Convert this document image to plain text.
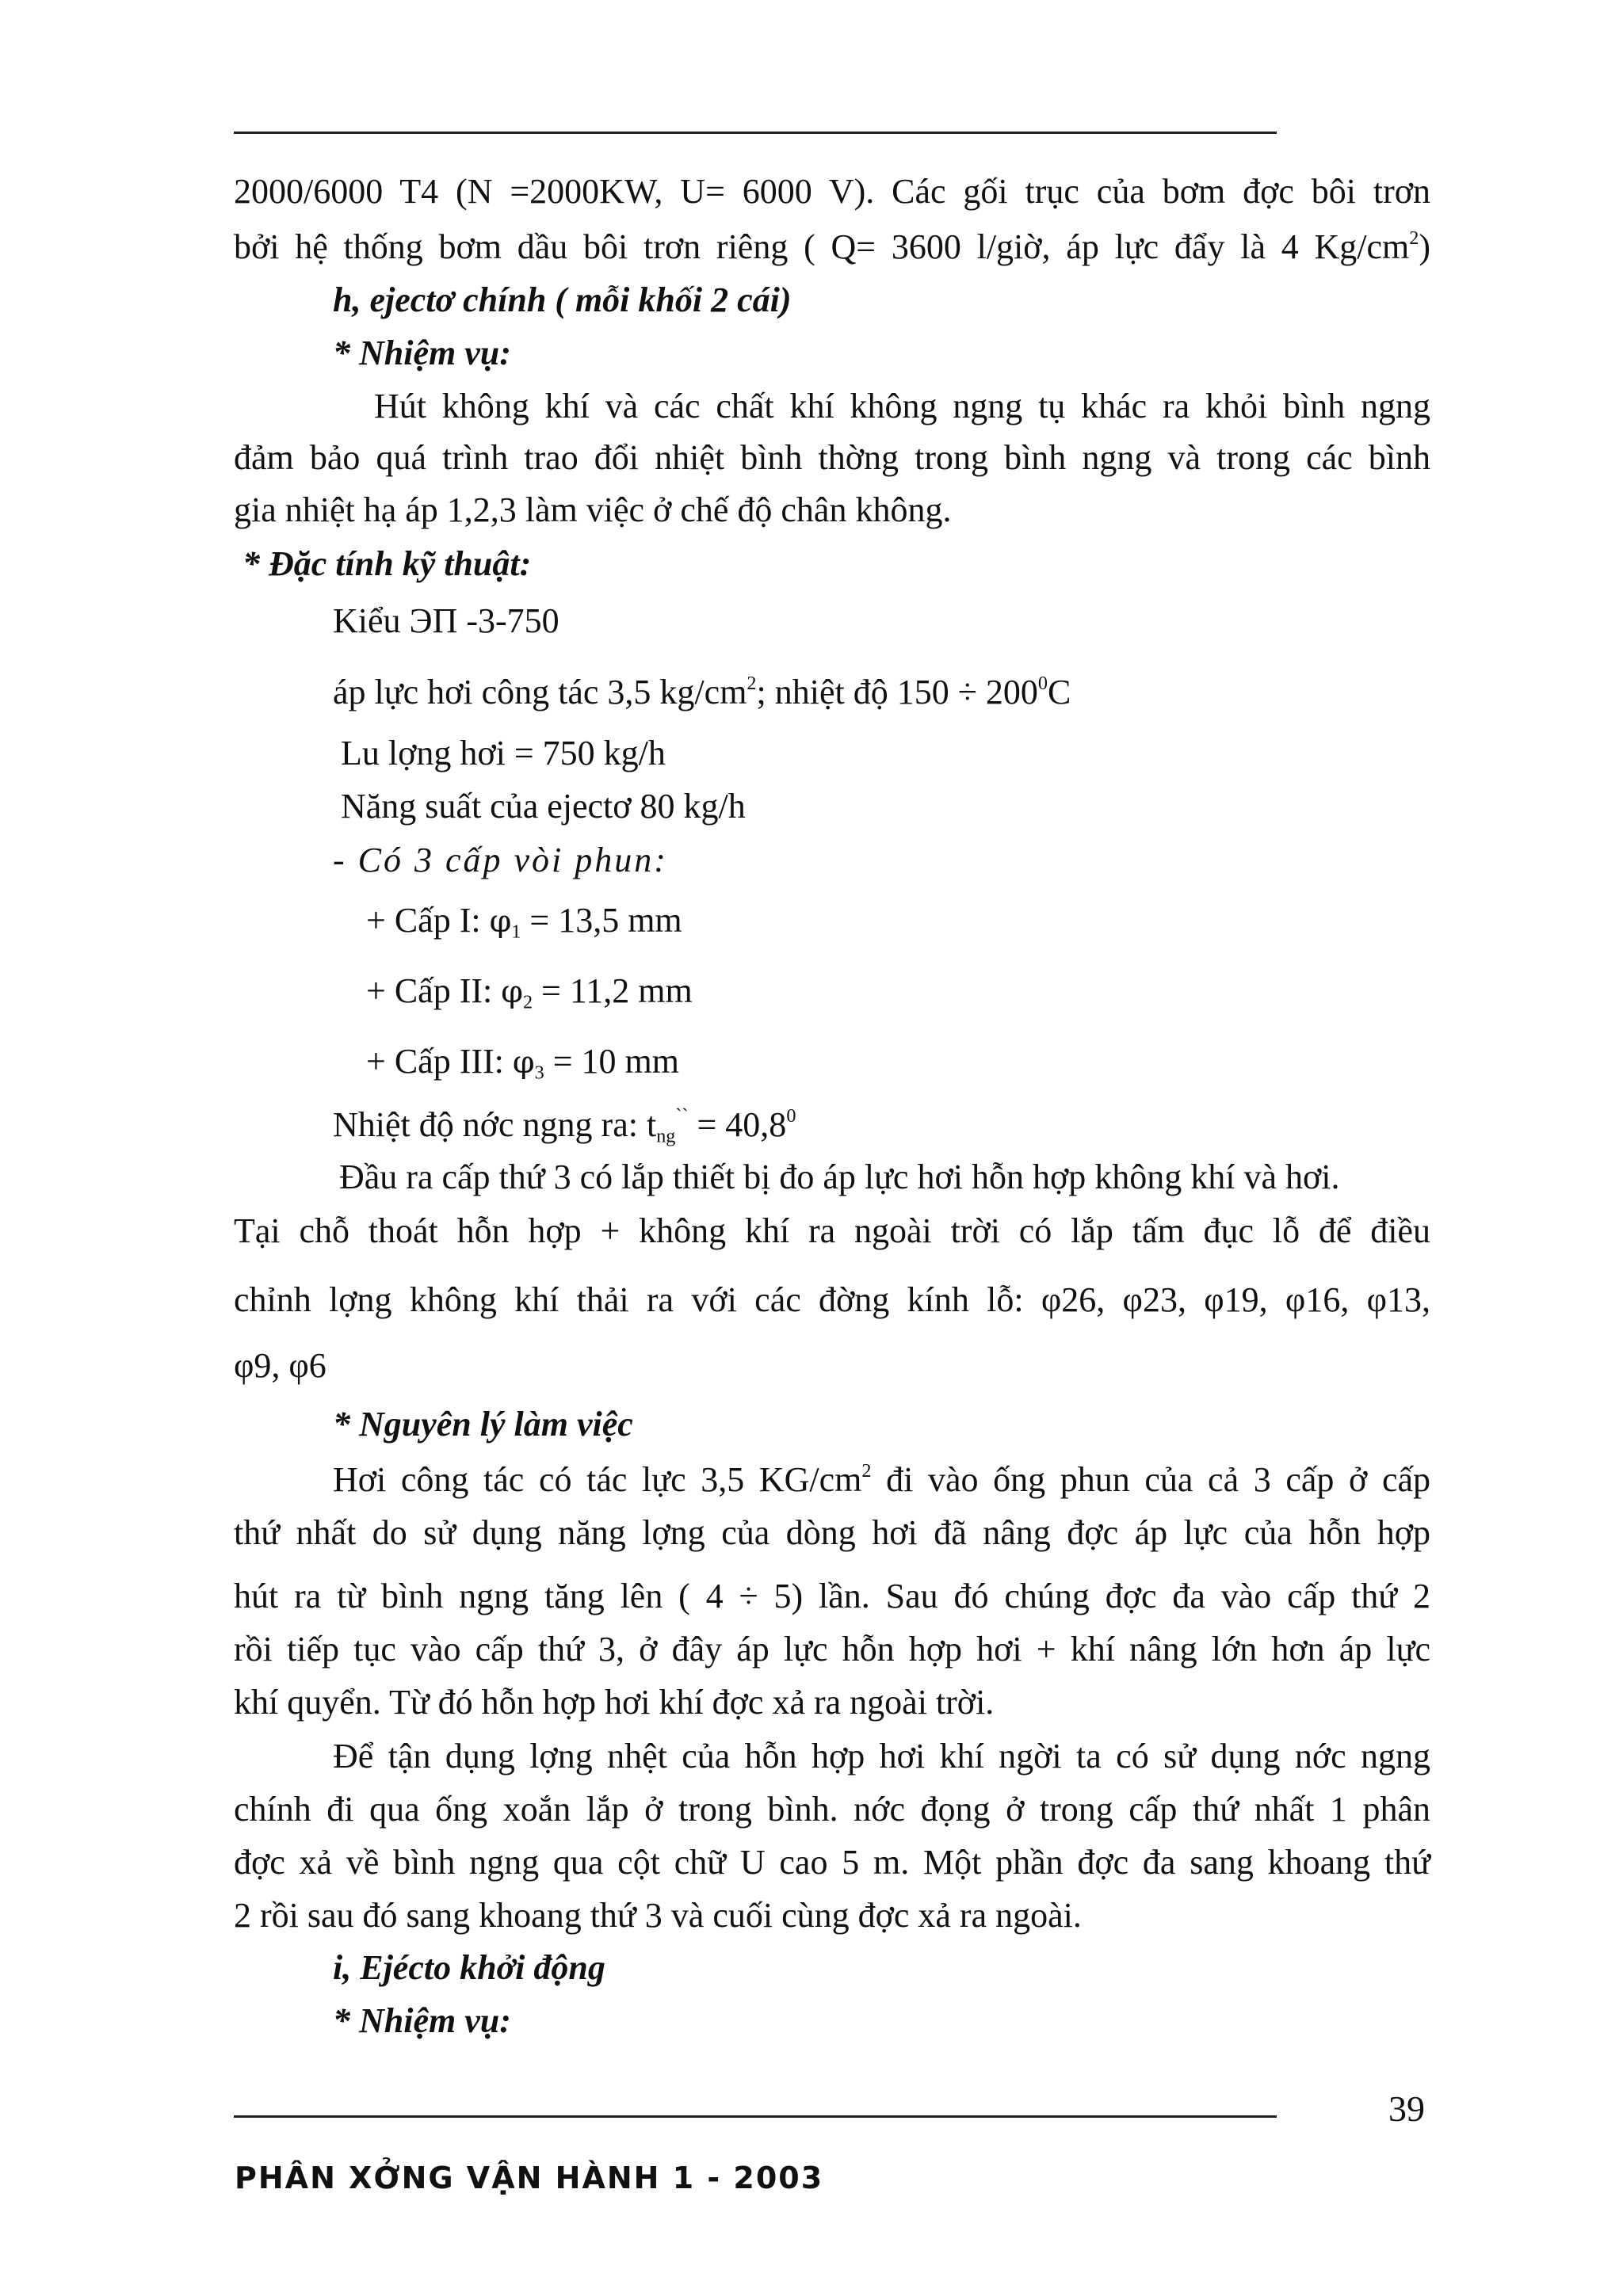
2000/6000 T4 (N =2000KW, U= 6000 V). Các gối trục của bơm đợc bôi trơn
bởi hệ thống bơm dầu bôi trơn riêng ( Q= 3600 l/giờ, áp lực đẩy là 4 $Kg/cm^2$)
h, ejectơ chính ( mỗi khối 2 cái)
* Nhiệm vụ:
Hút không khí và các chất khí không ngng tụ khác ra khỏi bình ngng
đảm bảo quá trình trao đổi nhiệt bình thờng trong bình ngng và trong các bình
gia nhiệt hạ áp 1,2,3 làm việc ở chế độ chân không.
* Đặc tính kỹ thuật:
Kiểu ЭП -3-750
áp lực hơi công tác 3,5 $kg/cm^2$; nhiệt độ $150 \div 200^0C$
Lu lợng hơi = 750 kg/h
Năng suất của ejectơ 80 kg/h
- Có 3 cấp vòi phun:
+ Cấp I: $\varphi_1 = 13,5$ mm
+ Cấp II: $\varphi_2 = 11,2$ mm
+ Cấp III: $\varphi_3 = 10$ mm
Nhiệt độ nớc ngng ra: $t_{ng}^{``} = 40,8^0$
Đầu ra cấp thứ 3 có lắp thiết bị đo áp lực hơi hỗn hợp không khí và hơi.
Tại chỗ thoát hỗn hợp + không khí ra ngoài trời có lắp tấm đục lỗ để điều
chỉnh lợng không khí thải ra với các đờng kính lỗ: φ26, φ23, φ19, φ16, φ13,
φ9, φ6
* Nguyên lý làm việc
Hơi công tác có tác lực 3,5 $KG/cm^2$ đi vào ống phun của cả 3 cấp ở cấp
thứ nhất do sử dụng năng lợng của dòng hơi đã nâng đợc áp lực của hỗn hợp
hút ra từ bình ngng tăng lên ( 4 ÷ 5) lần. Sau đó chúng đợc đa vào cấp thứ 2
rồi tiếp tục vào cấp thứ 3, ở đây áp lực hỗn hợp hơi + khí nâng lớn hơn áp lực
khí quyển. Từ đó hỗn hợp hơi khí đợc xả ra ngoài trời.
Để tận dụng lợng nhệt của hỗn hợp hơi khí ngời ta có sử dụng nớc ngng
chính đi qua ống xoắn lắp ở trong bình. nớc đọng ở trong cấp thứ nhất 1 phân
đợc xả về bình ngng qua cột chữ U cao 5 m. Một phần đợc đa sang khoang thứ
2 rồi sau đó sang khoang thứ 3 và cuối cùng đợc xả ra ngoài.
i, Ejécto khởi động
* Nhiệm vụ:
39
PHÂN XỞNG VẬN HÀNH 1 - 2003
